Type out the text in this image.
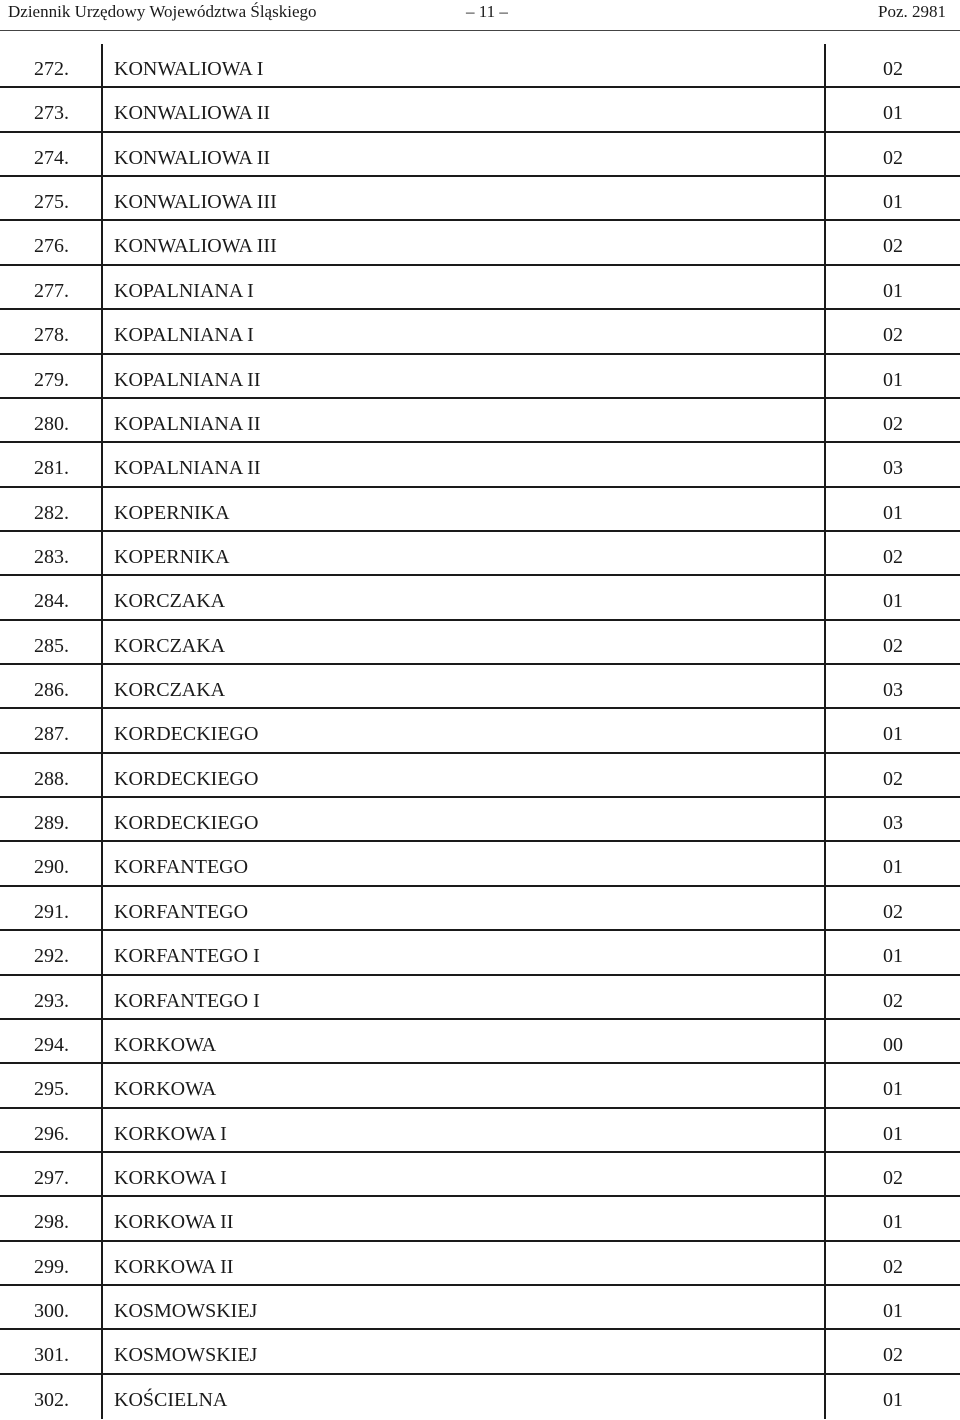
Dziennik Urzędowy Województwa Śląskiego	– 11 –	Poz. 2981
272. KONWALIOWA I	02
273. KONWALIOWA II	01
274. KONWALIOWA II	02
275. KONWALIOWA III	01
276. KONWALIOWA III	02
277. KOPALNIANA I	01
278. KOPALNIANA I	02
279. KOPALNIANA II	01
280. KOPALNIANA II	02
281. KOPALNIANA II	03
282. KOPERNIKA	01
283. KOPERNIKA	02
284. KORCZAKA	01
285. KORCZAKA	02
286. KORCZAKA	03
287. KORDECKIEGO	01
288. KORDECKIEGO	02
289. KORDECKIEGO	03
290. KORFANTEGO	01
291. KORFANTEGO	02
292. KORFANTEGO I	01
293. KORFANTEGO I	02
294. KORKOWA	00
295. KORKOWA	01
296. KORKOWA I	01
297. KORKOWA I	02
298. KORKOWA II	01
299. KORKOWA II	02
300. KOSMOWSKIEJ	01
301. KOSMOWSKIEJ	02
302. KOŚCIELNA	01
